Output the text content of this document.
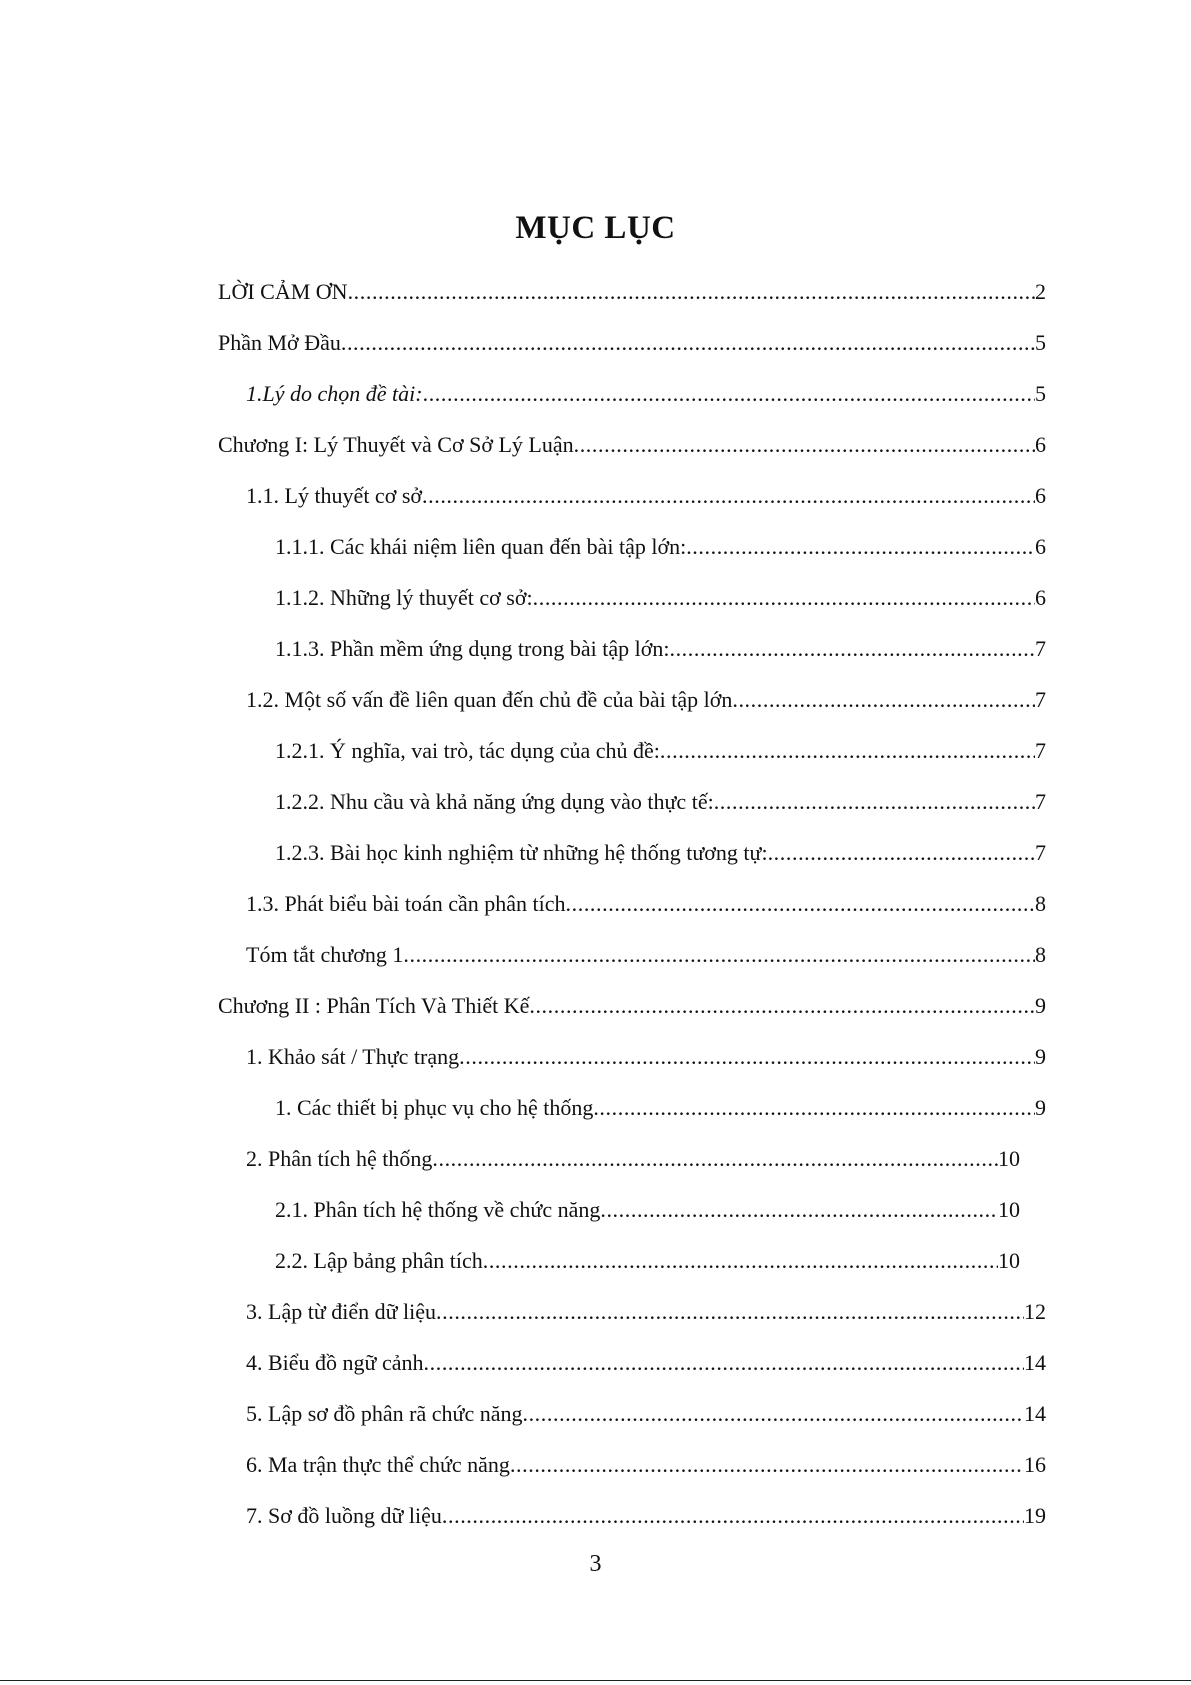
MỤC LỤC
LỜI CẢM ƠN .....	2
Phần Mở Đầu .....	5
1.Lý do chọn đề tài: .....	5
Chương I: Lý Thuyết và Cơ Sở Lý Luận .....	6
1.1. Lý thuyết cơ sở .....	6
1.1.1. Các khái niệm liên quan đến bài tập lớn: .....	6
1.1.2. Những lý thuyết cơ sở: .....	6
1.1.3. Phần mềm ứng dụng trong bài tập lớn: .....	7
1.2. Một số vấn đề liên quan đến chủ đề của bài tập lớn .....	7
1.2.1. Ý nghĩa, vai trò, tác dụng của chủ đề: .....	7
1.2.2. Nhu cầu và khả năng ứng dụng vào thực tế: .....	7
1.2.3. Bài học kinh nghiệm từ những hệ thống tương tự: .....	7
1.3. Phát biểu bài toán cần phân tích .....	8
Tóm tắt chương 1 .....	8
Chương II : Phân Tích Và Thiết Kế .....	9
1. Khảo sát / Thực trạng .....	9
1. Các thiết bị phục vụ cho hệ thống .....	9
2. Phân tích hệ thống .....	10
2.1. Phân tích hệ thống về chức năng .....	10
2.2. Lập bảng phân tích .....	10
3. Lập từ điển dữ liệu .....	12
4. Biểu đồ ngữ cảnh .....	14
5. Lập sơ đồ phân rã chức năng .....	14
6. Ma trận thực thể chức năng .....	16
7. Sơ đồ luồng dữ liệu .....	19
3
